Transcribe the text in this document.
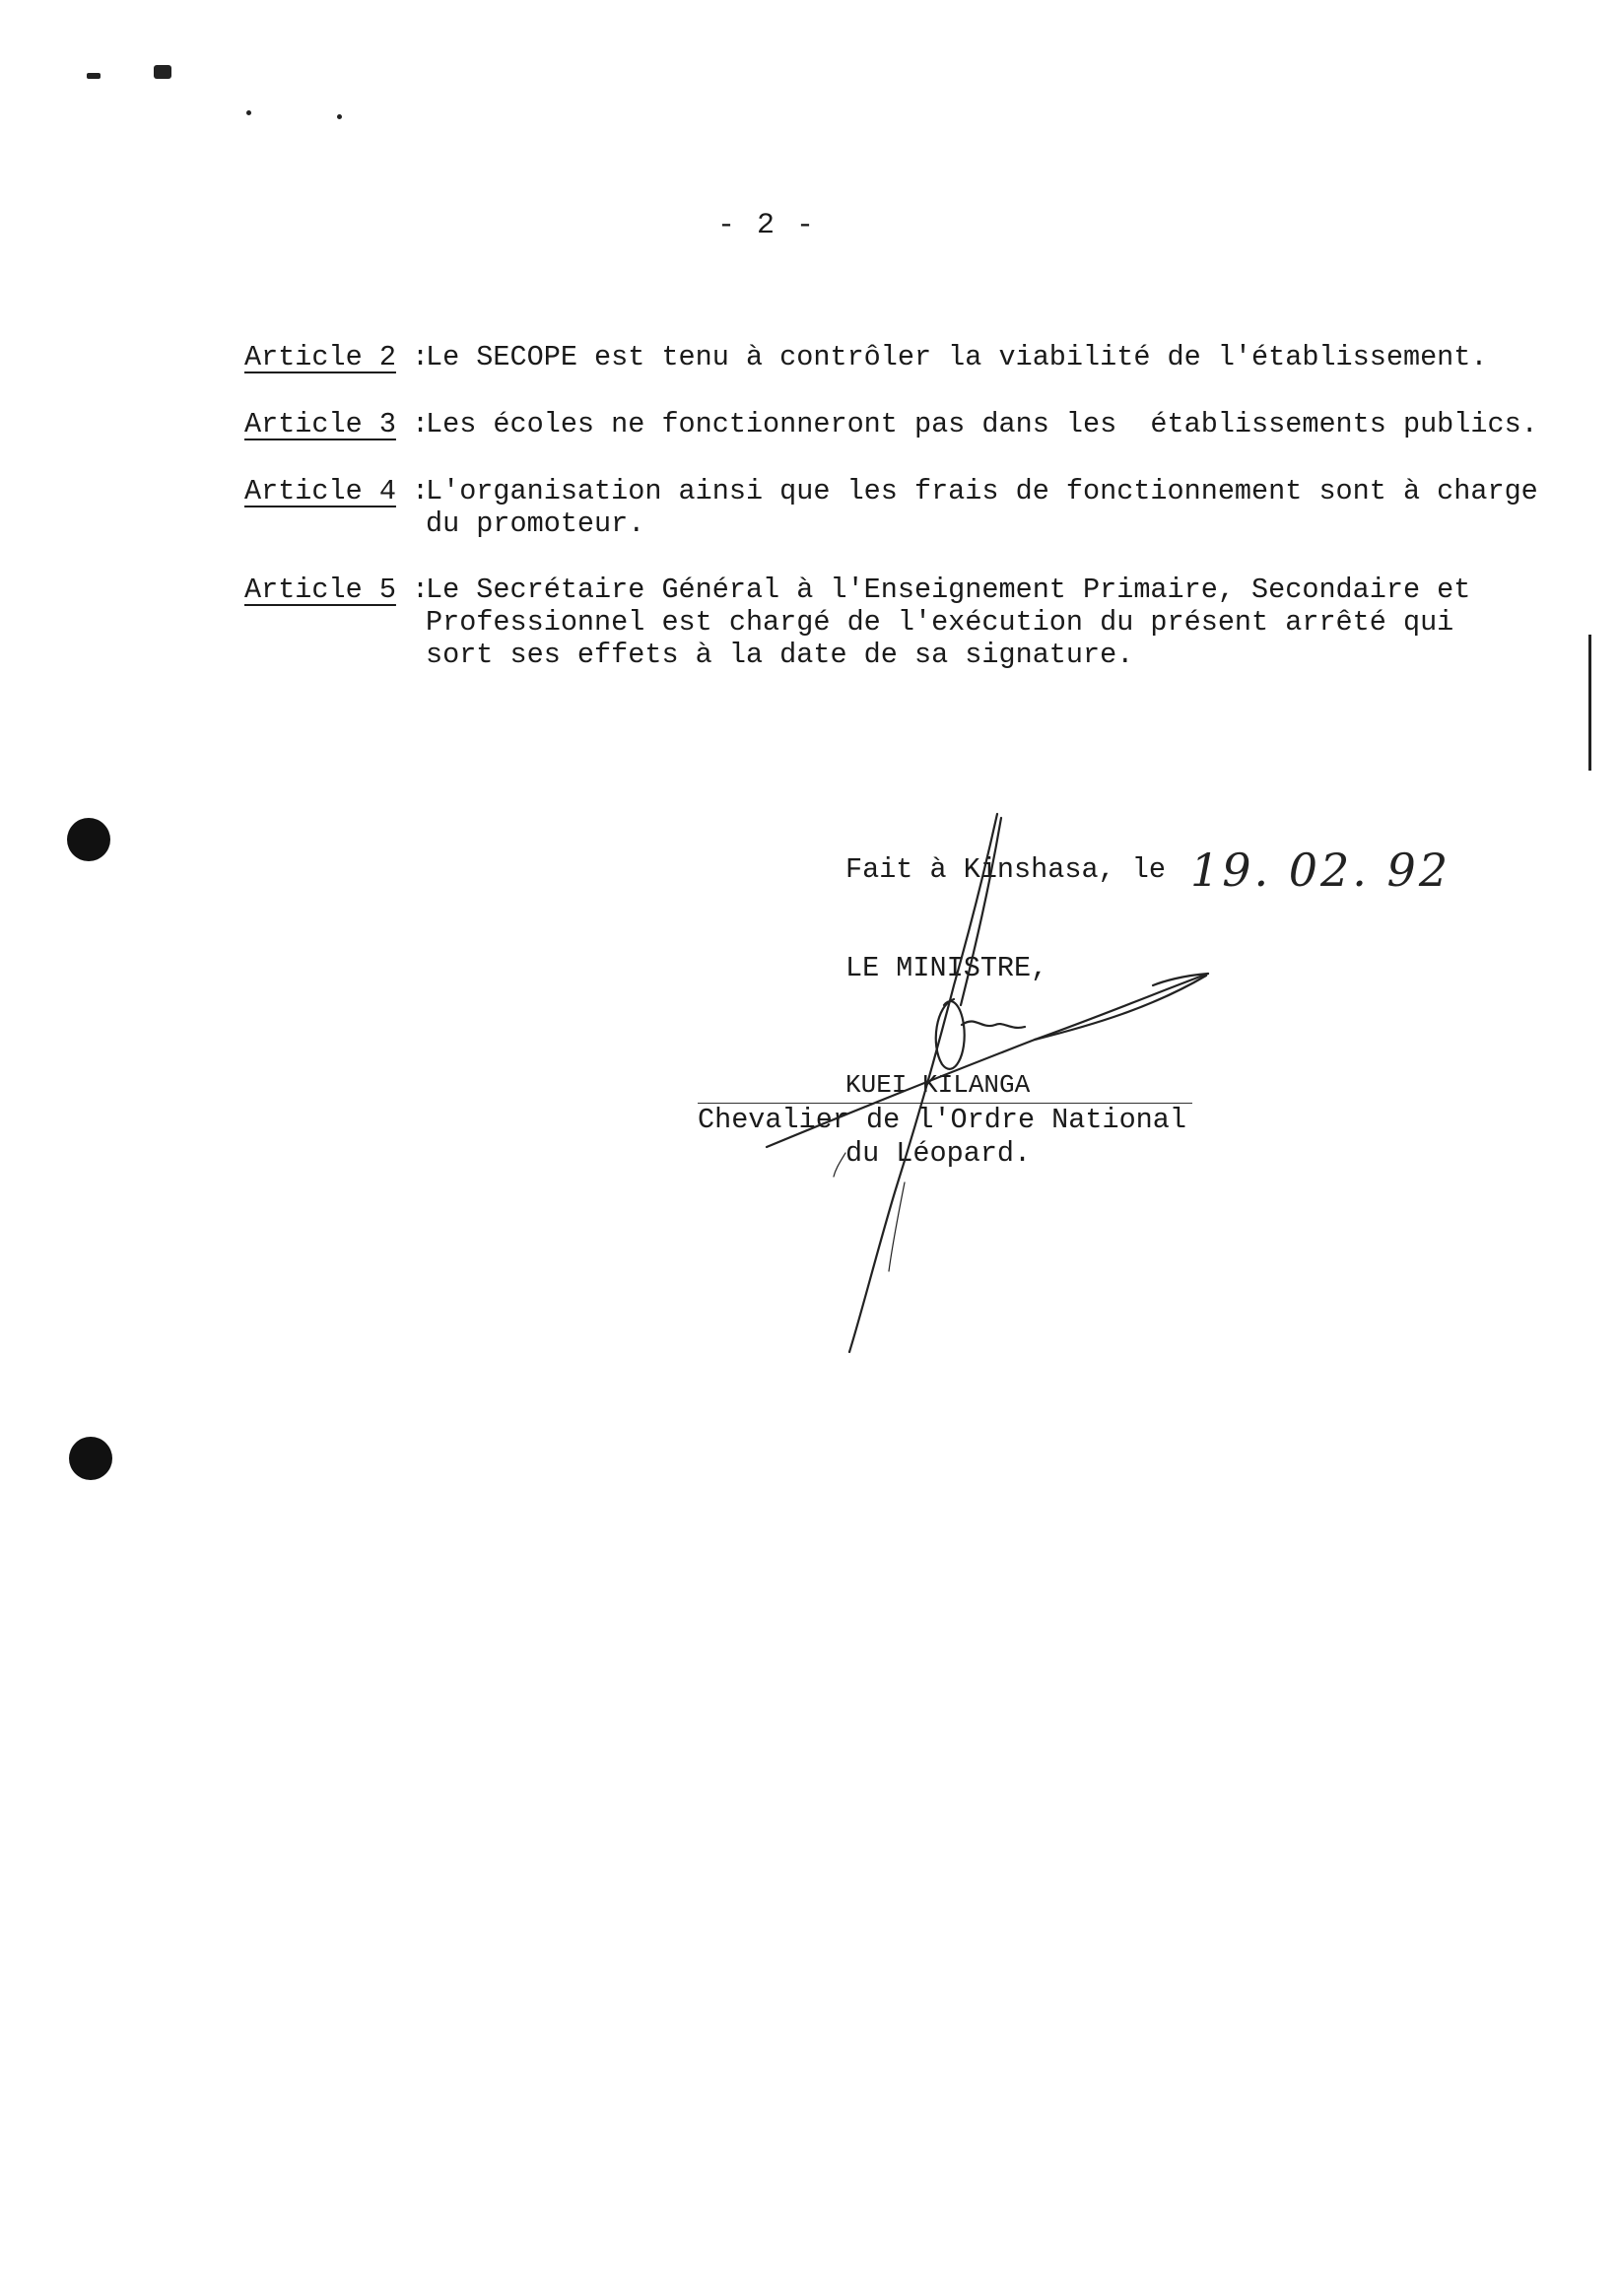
- 2 -
Article 2 :
Le SECOPE est tenu à contrôler la viabilité de l'établissement.
Article 3 :
Les écoles ne fonctionneront pas dans les  établissements publics.
Article 4 :
L'organisation ainsi que les frais de fonctionnement sont à charge
du promoteur.
Article 5 :
Le Secrétaire Général à l'Enseignement Primaire, Secondaire et
Professionnel est chargé de l'exécution du présent arrêté qui
sort ses effets à la date de sa signature.
Fait à Kinshasa, le 19. 02. 92
LE MINISTRE,
KUEI KILANGA
Chevalier de l'Ordre National
du Léopard.
